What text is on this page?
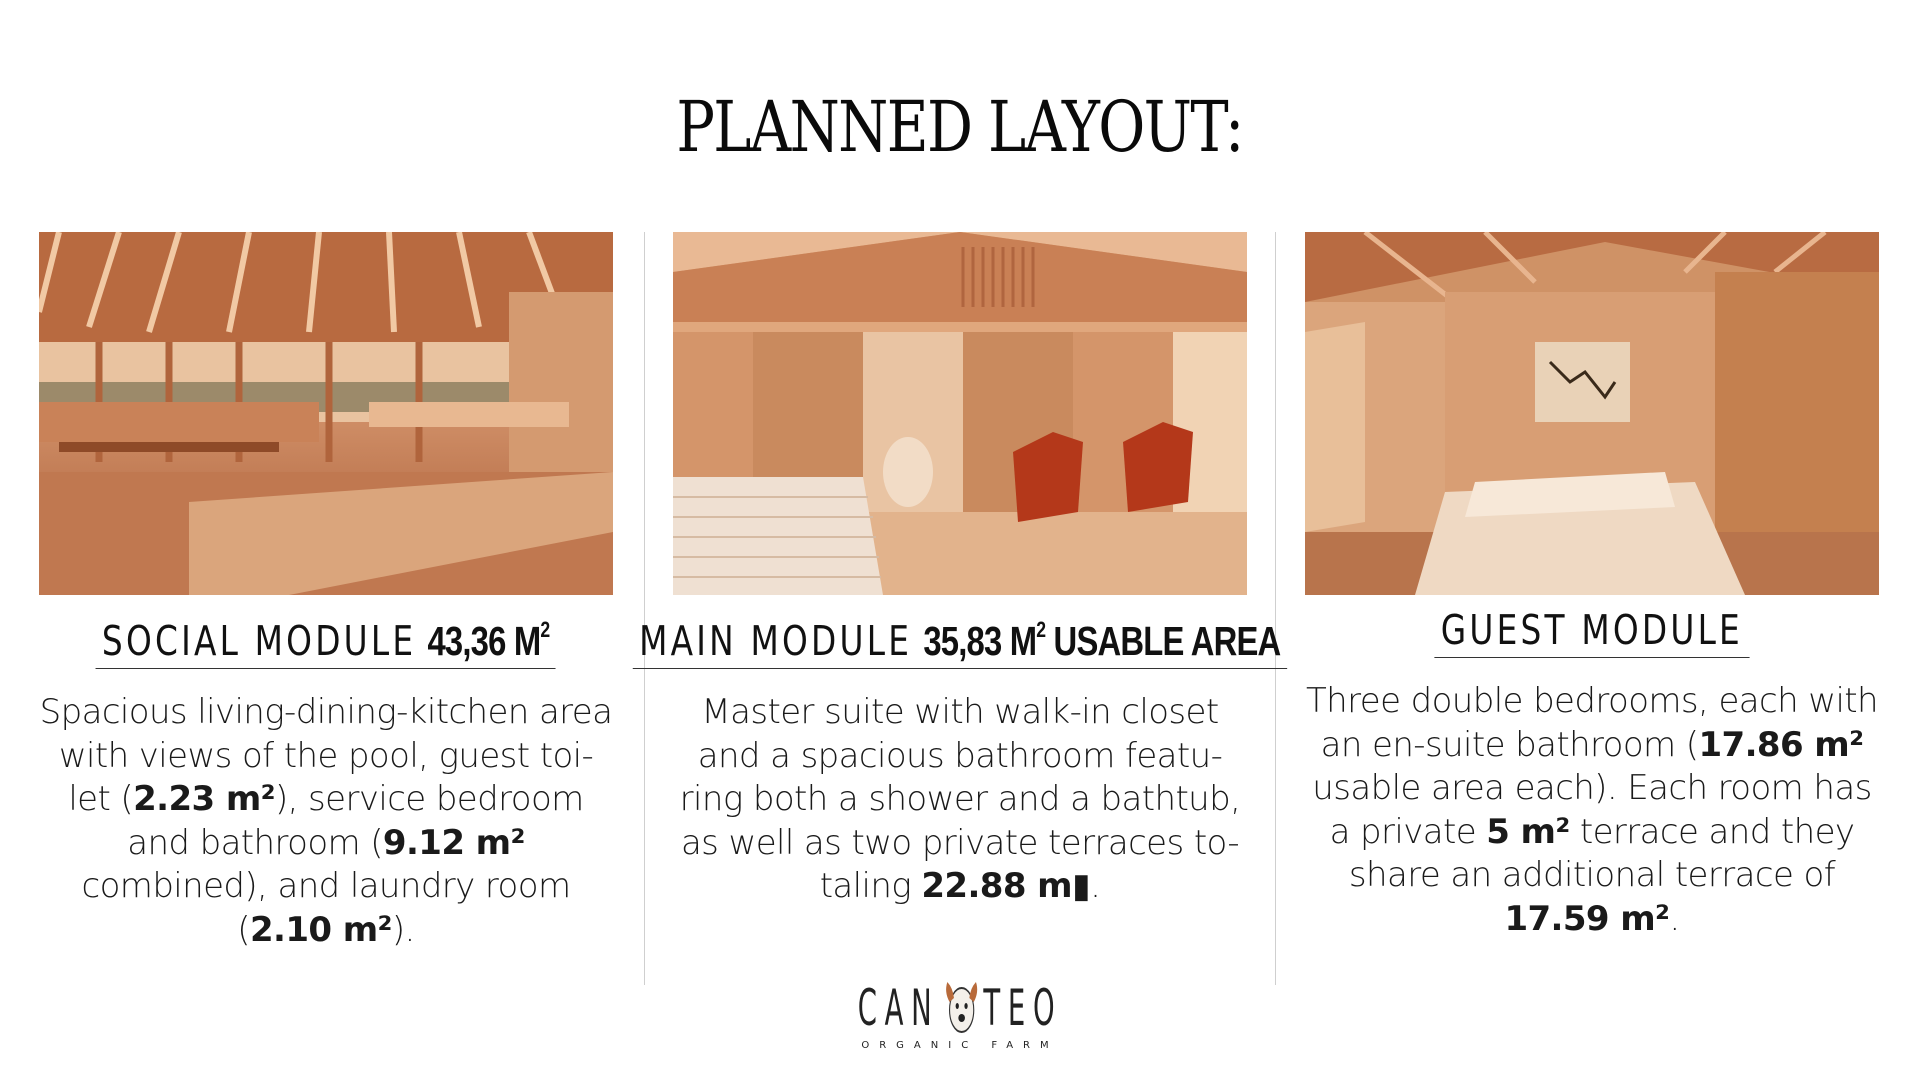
PLANNED LAYOUT:
SOCIAL MODULE 43,36 $M^2$
Spacious living-dining-kitchen area with views of the pool, guest toi-let (2.23 m²), service bedroom and bathroom (9.12 m² combined), and laundry room (2.10 m²).
MAIN MODULE 35,83 $M^2$ USABLE AREA
Master suite with walk-in closet and a spacious bathroom featu-ring both a shower and a bathtub, as well as two private terraces to-taling 22.88 m▮.
GUEST MODULE
Three double bedrooms, each with an en-suite bathroom (17.86 m² usable area each). Each room has a private 5 m² terrace and they share an additional terrace of 17.59 m².
CAN TEO
ORGANIC FARM
